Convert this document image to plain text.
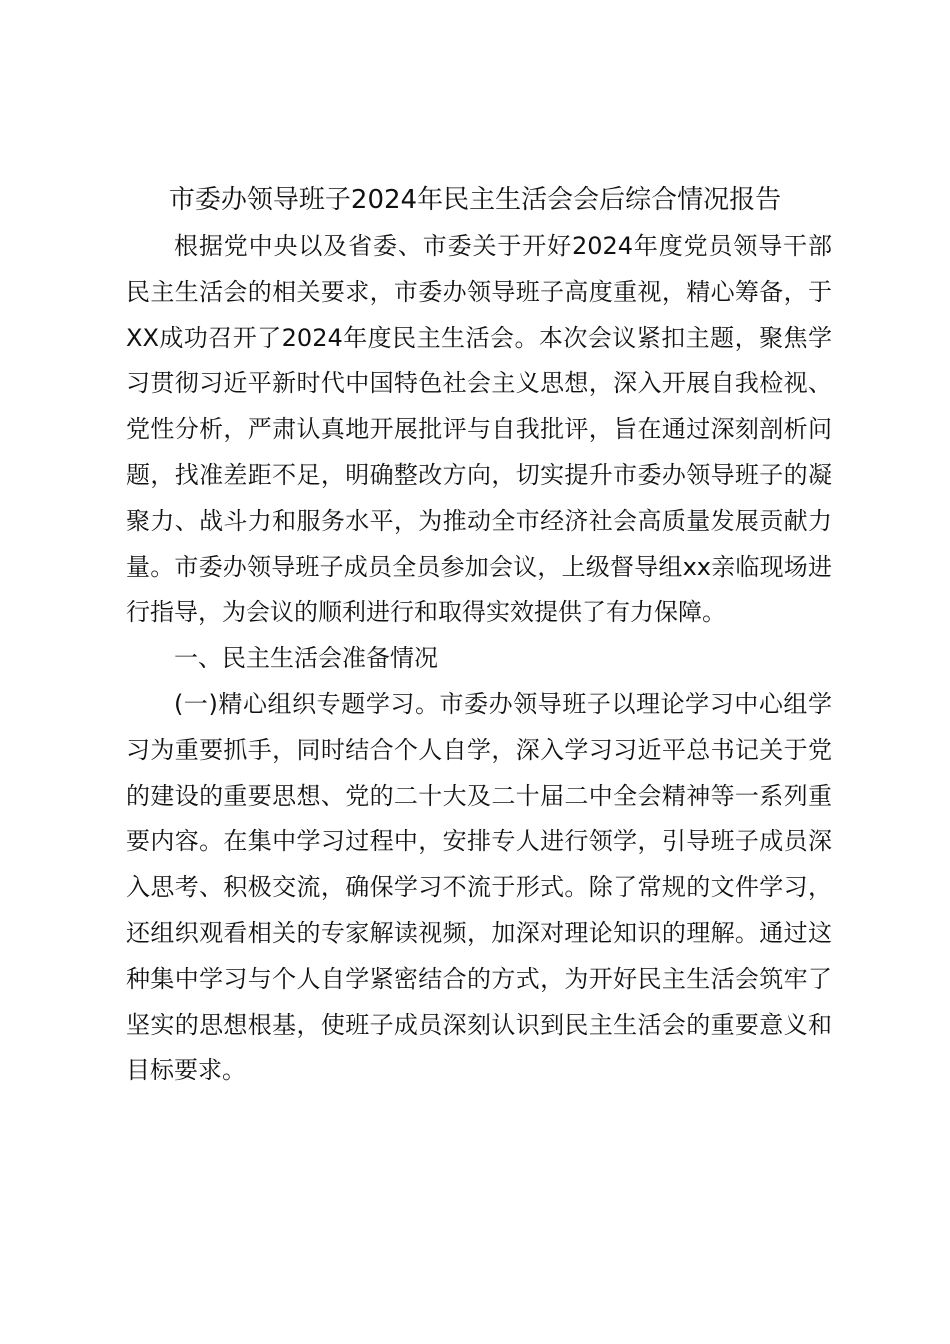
市委办领导班子2024年民主生活会会后综合情况报告

根据党中央以及省委、市委关于开好2024年度党员领导干部民主生活会的相关要求，市委办领导班子高度重视，精心筹备，于XX成功召开了2024年度民主生活会。本次会议紧扣主题，聚焦学习贯彻习近平新时代中国特色社会主义思想，深入开展自我检视、党性分析，严肃认真地开展批评与自我批评，旨在通过深刻剖析问题，找准差距不足，明确整改方向，切实提升市委办领导班子的凝聚力、战斗力和服务水平，为推动全市经济社会高质量发展贡献力量。市委办领导班子成员全员参加会议，上级督导组xx亲临现场进行指导，为会议的顺利进行和取得实效提供了有力保障。

一、民主生活会准备情况

(一)精心组织专题学习。市委办领导班子以理论学习中心组学习为重要抓手，同时结合个人自学，深入学习习近平总书记关于党的建设的重要思想、党的二十大及二十届二中全会精神等一系列重要内容。在集中学习过程中，安排专人进行领学，引导班子成员深入思考、积极交流，确保学习不流于形式。除了常规的文件学习，还组织观看相关的专家解读视频，加深对理论知识的理解。通过这种集中学习与个人自学紧密结合的方式，为开好民主生活会筑牢了坚实的思想根基，使班子成员深刻认识到民主生活会的重要意义和目标要求。
